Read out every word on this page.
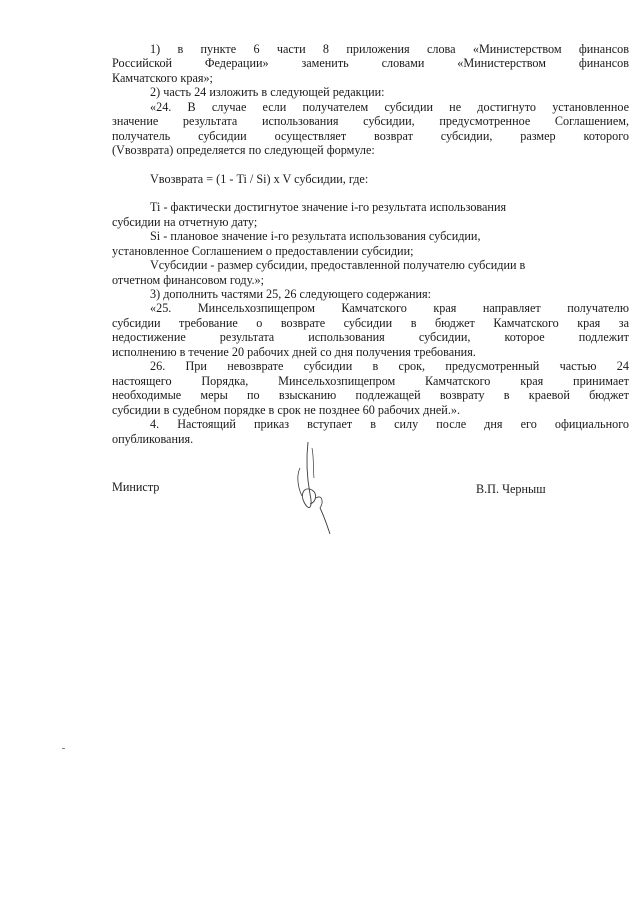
1) в пункте 6 части 8 приложения слова «Министерством финансов

Российской Федерации» заменить словами «Министерством финансов

Камчатского края»;

2) часть 24 изложить в следующей редакции:

«24. В случае если получателем субсидии не достигнуто установленное

значение результата использования субсидии, предусмотренное Соглашением,

получатель субсидии осуществляет возврат субсидии, размер которого

(Vвозврата) определяется по следующей формуле:

Vвозврата = (1 - Ti / Si) x V субсидии, где:

Ti - фактически достигнутое значение i-го результата использования

субсидии на отчетную дату;

Si - плановое значение i-го результата использования субсидии,

установленное Соглашением о предоставлении субсидии;

Vсубсидии - размер субсидии, предоставленной получателю субсидии в

отчетном финансовом году.»;

3) дополнить частями 25, 26 следующего содержания:

«25. Минсельхозпищепром Камчатского края направляет получателю

субсидии требование о возврате субсидии в бюджет Камчатского края за

недостижение результата использования субсидии, которое подлежит

исполнению в течение 20 рабочих дней со дня получения требования.

26. При невозврате субсидии в срок, предусмотренный частью 24

настоящего Порядка, Минсельхозпищепром Камчатского края принимает

необходимые меры по взысканию подлежащей возврату в краевой бюджет

субсидии в судебном порядке в срок не позднее 60 рабочих дней.».

4. Настоящий приказ вступает в силу после дня его официального

опубликования.

Министр	В.П. Черныш
